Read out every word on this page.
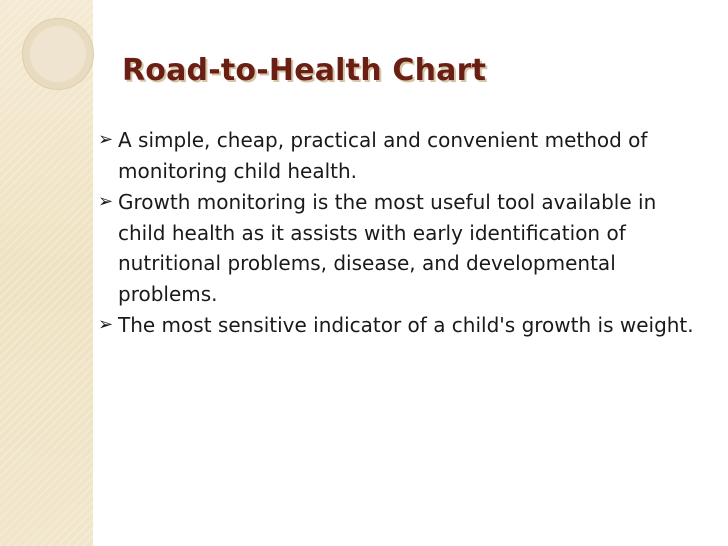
Road-to-Health Chart
➢ A simple, cheap, practical and convenient method of monitoring child health.
➢ Growth monitoring is the most useful tool available in child health as it assists with early identification of nutritional problems, disease, and developmental problems.
➢ The most sensitive indicator of a child's growth is weight.
